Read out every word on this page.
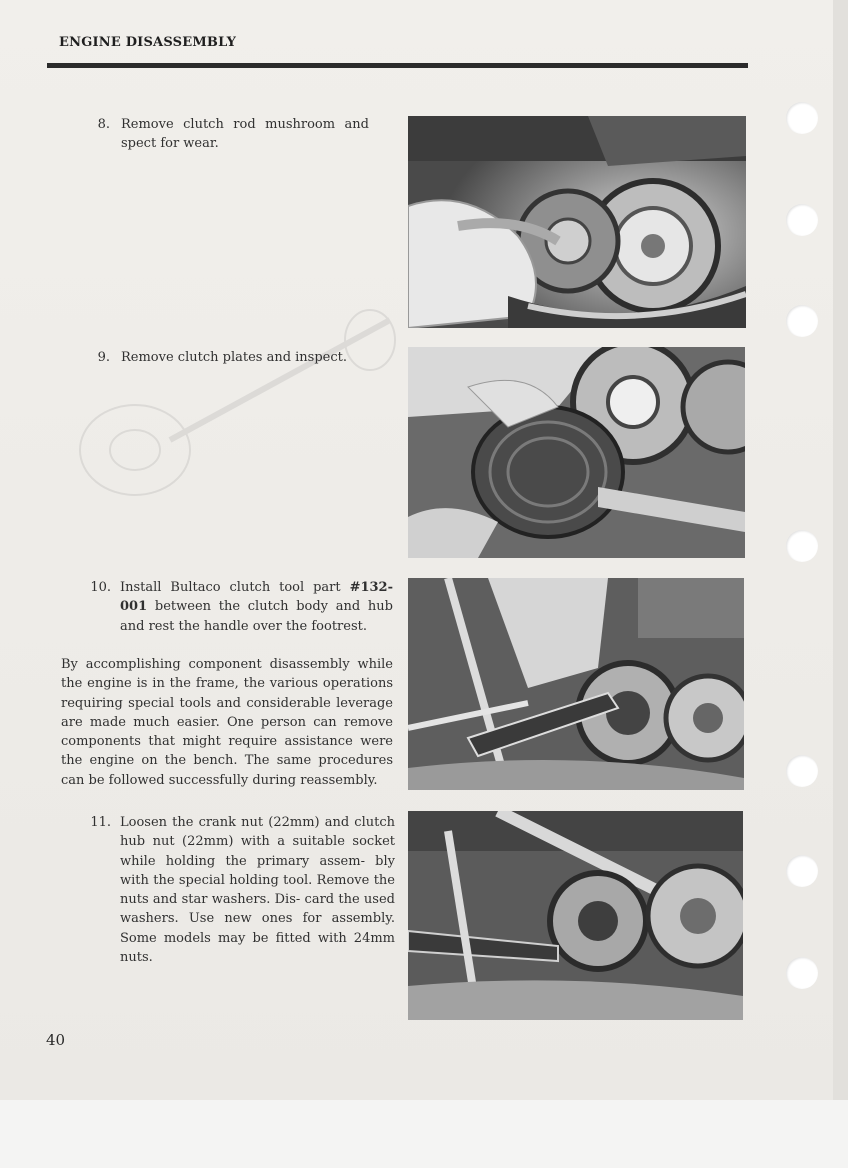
ENGINE DISASSEMBLY
8. Remove clutch rod mushroom and spect for wear.
9. Remove clutch plates and inspect.
10. Install Bultaco clutch tool part #132-001 between the clutch body and hub and rest the handle over the footrest.
By accomplishing component disassembly while the engine is in the frame, the various operations requiring special tools and considerable leverage are made much easier. One person can remove components that might require assistance were the engine on the bench. The same procedures can be followed successfully during reassembly.
11. Loosen the crank nut (22mm) and clutch hub nut (22mm) with a suitable socket while holding the primary assem- bly with the special holding tool. Remove the nuts and star washers. Dis- card the used washers. Use new ones for assembly. Some models may be fitted with 24mm nuts.
40
